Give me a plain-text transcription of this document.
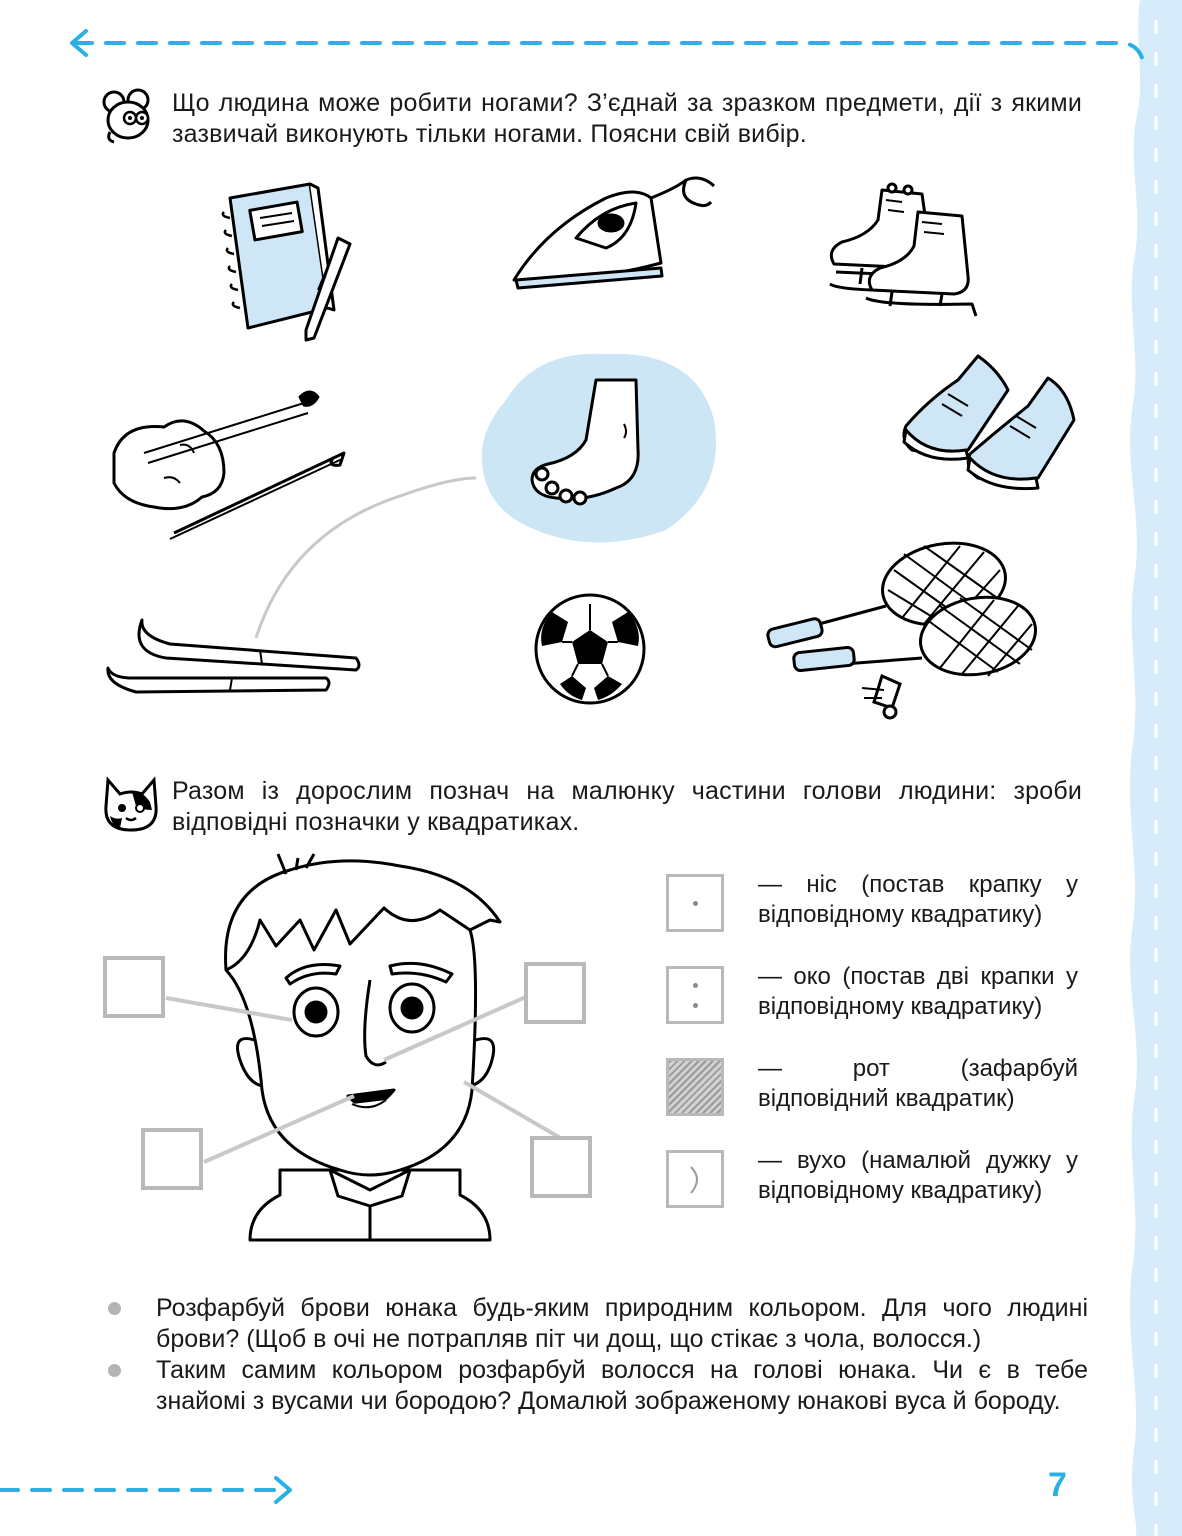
Що людина може робити ногами? З’єднай за зразком предмети, дії з якими зазвичай виконують тільки ногами. Поясни свій вибір.
Разом із дорослим познач на малюнку частини голови людини: зроби відповідні позначки у квадратиках.
— ніс (постав крапку у відповідному квадратику)
— око (постав дві крапки у відповідному квадратику)
— рот (зафарбуй відповідний квадратик)
— вухо (намалюй дужку у відповідному квадратику)
Розфарбуй брови юнака будь-яким природним кольором. Для чого людині брови? (Щоб в очі не потрапляв піт чи дощ, що стікає з чола, волосся.)
Таким самим кольором розфарбуй волосся на голові юнака. Чи є в тебе знайомі з вусами чи бородою? Домалюй зображеному юнакові вуса й бороду.
7
